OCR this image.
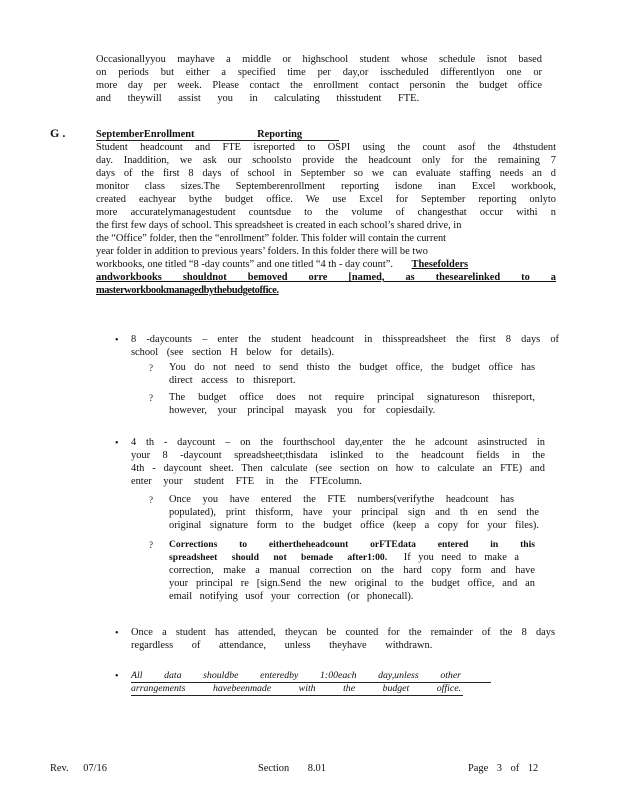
Occasionallyyou mayhave a middle or highschool student whose schedule isnot based

on periods but either a specified time per day,or isscheduled differentlyon one or

more day per week. Please contact the enrollment contact personin the budget office

and theywill assist you in calculating thisstudent FTE.

G .	SeptemberEnrollment Reporting

Student headcount and FTE isreported to OSPI using the count asof the 4thstudent

day. Inaddition, we ask our schoolsto provide the headcount only for the remaining 7

days of the first 8 days of school in September so we can evaluate staffing needs an d

monitor class sizes.The Septemberenrollment reporting isdone inan Excel workbook,

created eachyear bythe budget office. We use Excel for September reporting onlyto

more accuratelymanagestudent countsdue to the volume of changesthat occur withi n

the first few days of school. This spreadsheet is created in each school’s shared drive, in

the “Office” folder, then the “enrollment” folder. This folder will contain the current

year folder in addition to previous years’ folders. In this folder there will be two

workbooks, one titled “8 -day counts” and one titled “4 th - day count”. Thesefolders

andworkbooks shouldnot bemoved orre [named, as thesearelinked to a

masterworkbookmanagedbythebudgetoffice.

• 8 -daycounts – enter the student headcount in thisspreadsheet the first 8 days of

school (see section H below for details).

? You do not need to send thisto the budget office, the budget office has

direct access to thisreport.

? The budget office does not require principal signatureson thisreport,

however, your principal mayask you for copiesdaily.

• 4 th - daycount – on the fourthschool day,enter the he adcount asinstructed in

your 8 -daycount spreadsheet;thisdata islinked to the headcount fields in the

4th - daycount sheet. Then calculate (see section on how to calculate an FTE) and

enter your student FTE in the FTEcolumn.

? Once you have entered the FTE numbers(verifythe headcount has

populated), print thisform, have your principal sign and th en send the

original signature form to the budget office (keep a copy for your files).

? Corrections to eithertheheadcount orFTEdata entered in this

spreadsheet should not bemade after1:00. If you need to make a

correction, make a manual correction on the hard copy form and have

your principal re [sign.Send the new original to the budget office, and an

email notifying usof your correction (or phonecall).

• Once a student has attended, theycan be counted for the remainder of the 8 days

regardless of attendance, unless theyhave withdrawn.

• All data shouldbe enteredby 1:00each day,unless other

arrangements havebeenmade with the budget office.

Rev. 07/16	Section 8.01	Page 3 of 12
